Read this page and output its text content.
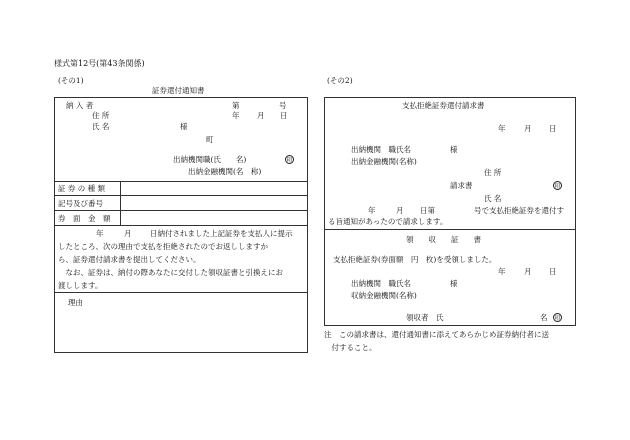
様式第12号(第43条関係)
(その1)
証券還付通知書
納 入 者	第	号
住 所	年 月 日
氏 名	様
町
出納機関職(氏　　名)	印
出納金融機関(名　称)
証 券 の 種 類
記号及び番号
券　面　金　額
年	月 日納付されました上記証券を支払人に提示
したところ、次の理由で支払を拒絶されたのでお返ししますか
ら、証券還付請求書を提出してください。
　なお、証券は、納付の際あなたに交付した領収証書と引換えにお
渡しします。
理由
(その2)
支払拒絶証券還付請求書
年 月 日
出納機関　職氏名	様
出納金融機関(名称)
住 所
請求書	印
氏 名
年	月 日第	号で支払拒絶証券を還付す
る旨通知があったので請求します。
領　　収　　証　　書
支払拒絶証券(券面額　円　枚)を受領しました。
年 月 日
出納機関　職氏名	様
収納金融機関(名称)
領収者　氏	名 印
注　この請求書は、還付通知書に添えてあらかじめ証券納付者に送
　付すること。
